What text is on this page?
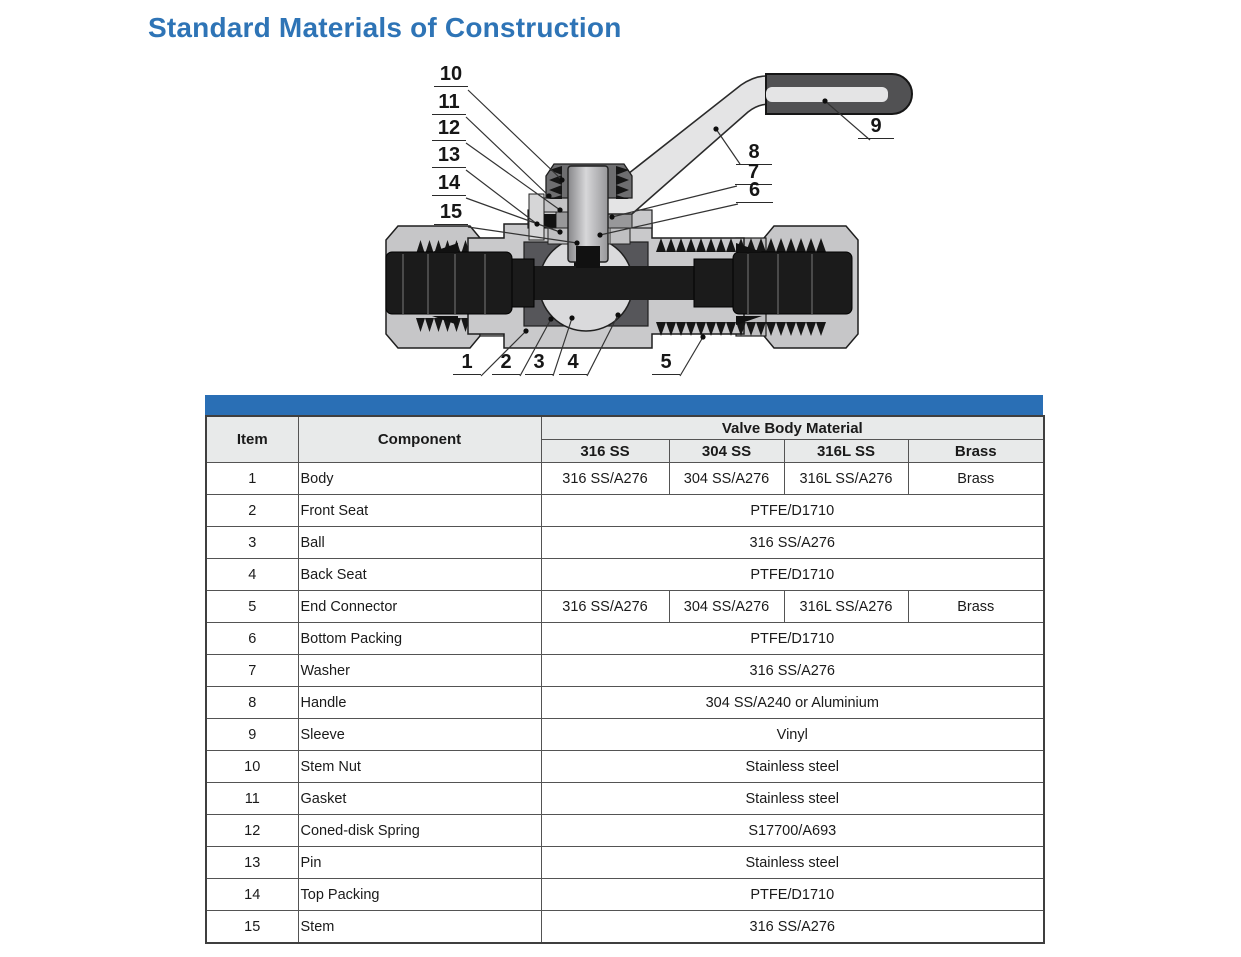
Standard Materials of Construction
10
11
12
13
14
15
9
8
7
6
1	2	3	4	5
Item	Component	Valve Body Material			
		316 SS	304 SS	316L SS	Brass
1	Body	316 SS/A276	304 SS/A276	316L SS/A276	Brass
2	Front Seat	PTFE/D1710			
3	Ball	316 SS/A276			
4	Back Seat	PTFE/D1710			
5	End Connector	316 SS/A276	304 SS/A276	316L SS/A276	Brass
6	Bottom Packing	PTFE/D1710			
7	Washer	316 SS/A276			
8	Handle	304 SS/A240 or Aluminium			
9	Sleeve	Vinyl			
10	Stem Nut	Stainless steel			
11	Gasket	Stainless steel			
12	Coned-disk Spring	S17700/A693			
13	Pin	Stainless steel			
14	Top Packing	PTFE/D1710			
15	Stem	316 SS/A276			
